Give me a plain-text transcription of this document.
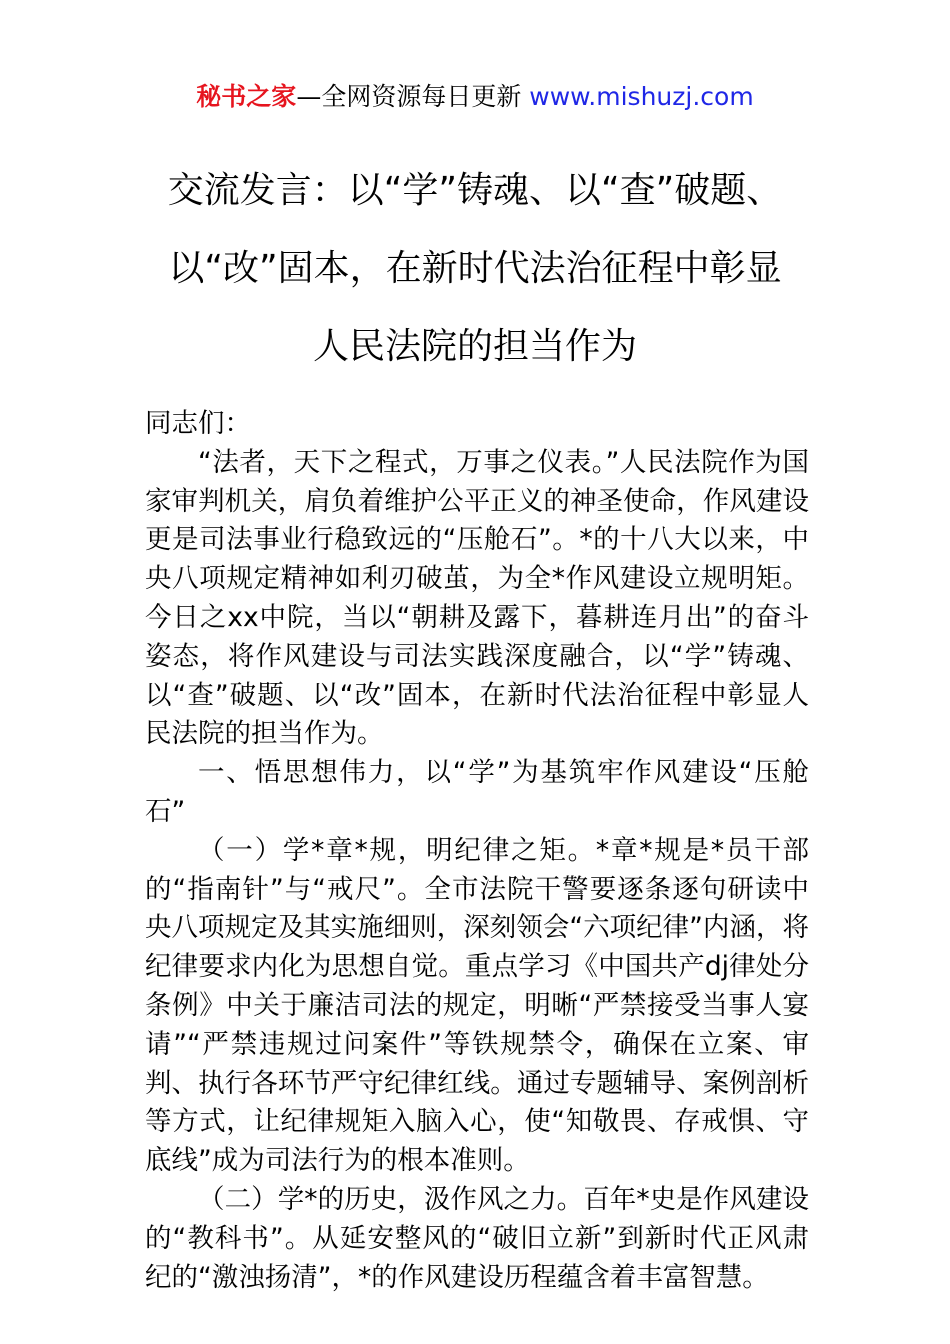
秘书之家—全网资源每日更新 www.mishuzj.com
交流发言：以“学”铸魂、以“查”破题、
以“改”固本，在新时代法治征程中彰显
人民法院的担当作为

同志们：

“法者，天下之程式，万事之仪表。”人民法院作为国家审判机关，肩负着维护公平正义的神圣使命，作风建设更是司法事业行稳致远的“压舱石”。*的十八大以来，中央八项规定精神如利刃破茧，为全*作风建设立规明矩。今日之xx中院，当以“朝耕及露下，暮耕连月出”的奋斗姿态，将作风建设与司法实践深度融合，以“学”铸魂、以“查”破题、以“改”固本，在新时代法治征程中彰显人民法院的担当作为。

一、悟思想伟力，以“学”为基筑牢作风建设“压舱石”

（一）学*章*规，明纪律之矩。*章*规是*员干部的“指南针”与“戒尺”。全市法院干警要逐条逐句研读中央八项规定及其实施细则，深刻领会“六项纪律”内涵，将纪律要求内化为思想自觉。重点学习《中国共产dj律处分条例》中关于廉洁司法的规定，明晰“严禁接受当事人宴请”“严禁违规过问案件”等铁规禁令，确保在立案、审判、执行各环节严守纪律红线。通过专题辅导、案例剖析等方式，让纪律规矩入脑入心，使“知敬畏、存戒惧、守底线”成为司法行为的根本准则。

（二）学*的历史，汲作风之力。百年*史是作风建设的“教科书”。从延安整风的“破旧立新”到新时代正风肃纪的“激浊扬清”，*的作风建设历程蕴含着丰富智慧。
